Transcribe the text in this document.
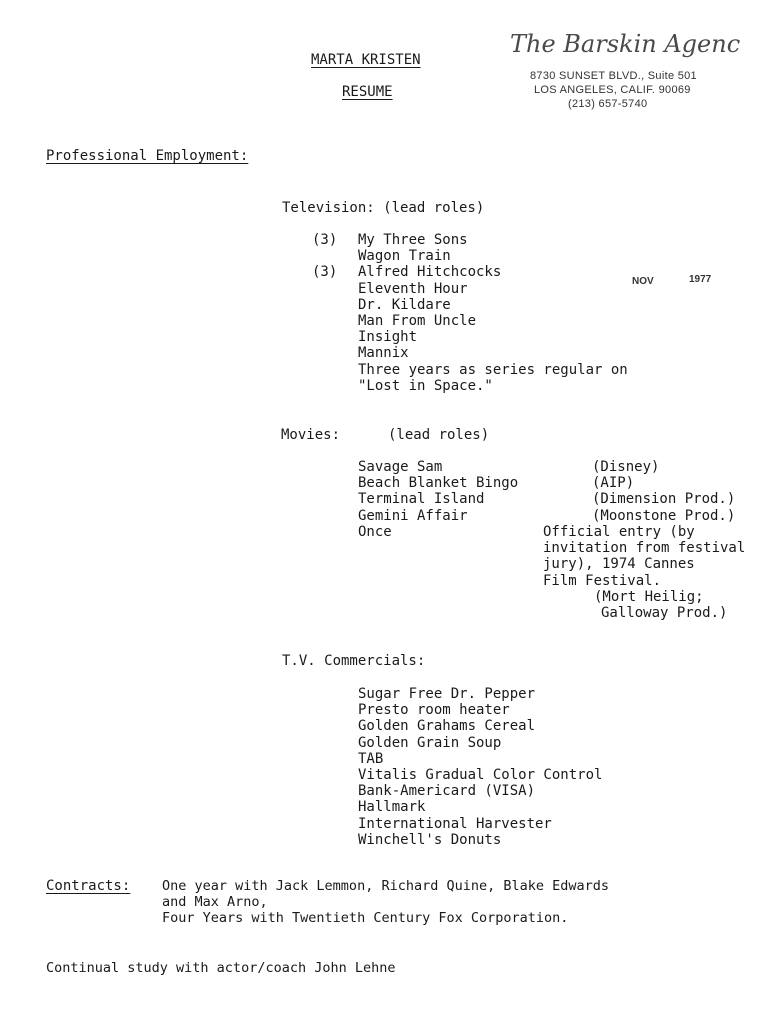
MARTA KRISTEN
RESUME
The Barskin Agenc
8730 SUNSET BLVD., Suite 501
LOS ANGELES, CALIF. 90069
(213) 657-5740
Professional Employment:
Television: (lead roles)
(3)
(3)
My Three Sons
Wagon Train
Alfred Hitchcocks
Eleventh Hour
Dr. Kildare
Man From Uncle
Insight
Mannix
Three years as series regular on
"Lost in Space."
NOV	1977
Movies:	(lead roles)
Savage Sam
Beach Blanket Bingo
Terminal Island
Gemini Affair
Once
(Disney)
(AIP)
(Dimension Prod.)
(Moonstone Prod.)
Official entry (by
invitation from festival
jury), 1974 Cannes
Film Festival.
(Mort Heilig;
Galloway Prod.)
T.V. Commercials:
Sugar Free Dr. Pepper
Presto room heater
Golden Grahams Cereal
Golden Grain Soup
TAB
Vitalis Gradual Color Control
Bank-Americard (VISA)
Hallmark
International Harvester
Winchell's Donuts
Contracts: One year with Jack Lemmon, Richard Quine, Blake Edwards
and Max Arno,
Four Years with Twentieth Century Fox Corporation.
Continual study with actor/coach John Lehne
